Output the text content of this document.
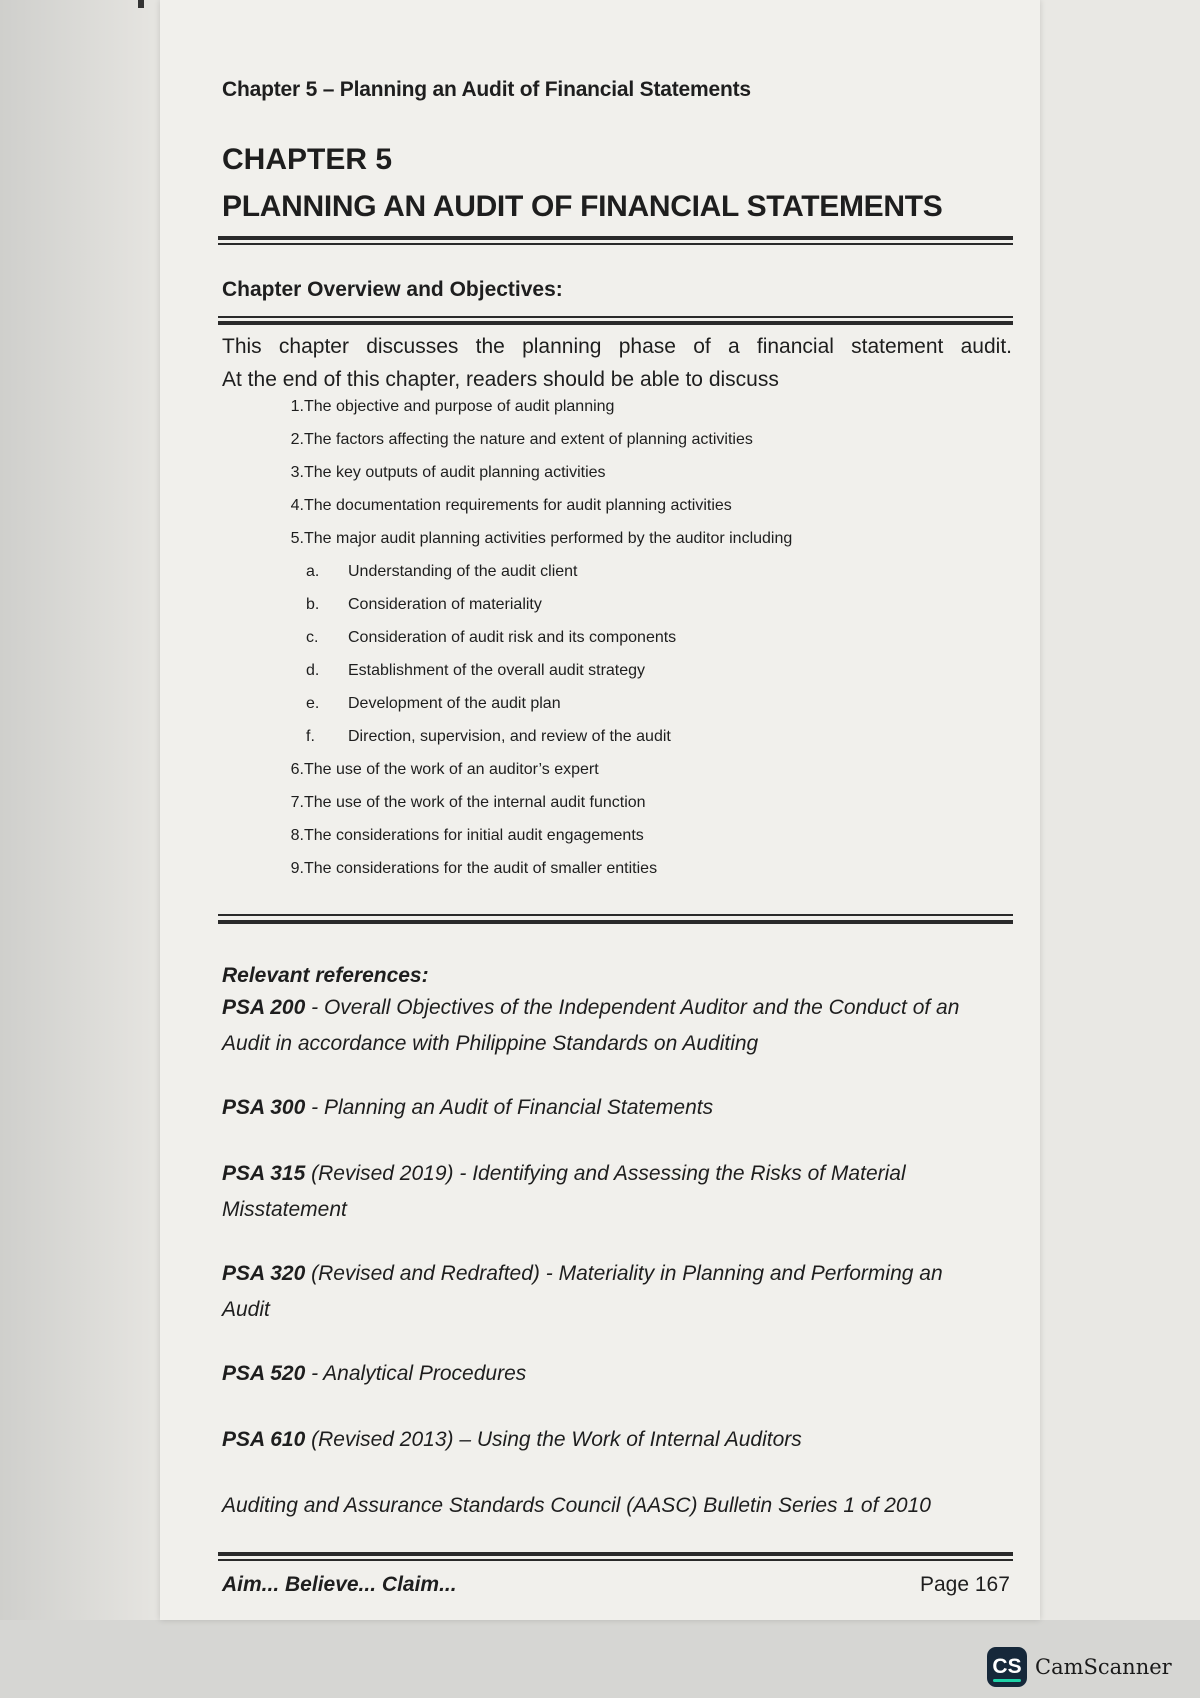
Chapter 5 – Planning an Audit of Financial Statements
CHAPTER 5
PLANNING AN AUDIT OF FINANCIAL STATEMENTS
Chapter Overview and Objectives:
This chapter discusses the planning phase of a financial statement audit.
At the end of this chapter, readers should be able to discuss
1. The objective and purpose of audit planning
2. The factors affecting the nature and extent of planning activities
3. The key outputs of audit planning activities
4. The documentation requirements for audit planning activities
5. The major audit planning activities performed by the auditor including
a.	Understanding of the audit client
b.	Consideration of materiality
c.	Consideration of audit risk and its components
d.	Establishment of the overall audit strategy
e.	Development of the audit plan
f.	Direction, supervision, and review of the audit
6. The use of the work of an auditor’s expert
7. The use of the work of the internal audit function
8. The considerations for initial audit engagements
9. The considerations for the audit of smaller entities
Relevant references:
PSA 200 - Overall Objectives of the Independent Auditor and the Conduct of an
Audit in accordance with Philippine Standards on Auditing
PSA 300 - Planning an Audit of Financial Statements
PSA 315 (Revised 2019) - Identifying and Assessing the Risks of Material
Misstatement
PSA 320 (Revised and Redrafted) - Materiality in Planning and Performing an
Audit
PSA 520 - Analytical Procedures
PSA 610 (Revised 2013) – Using the Work of Internal Auditors
Auditing and Assurance Standards Council (AASC) Bulletin Series 1 of 2010
Aim... Believe... Claim...	Page 167
CS CamScanner
